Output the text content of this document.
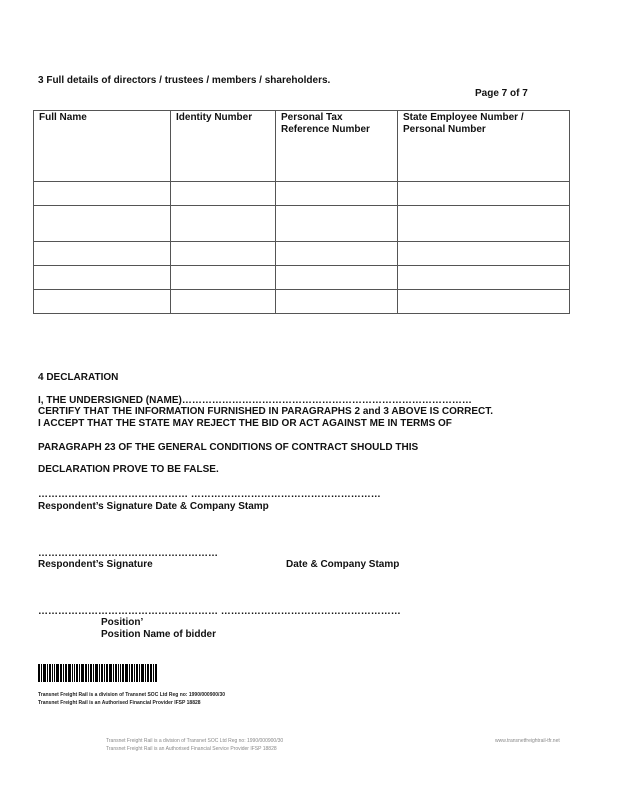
3 Full details of directors / trustees / members / shareholders.
Page 7 of 7
Full Name	Identity Number	Personal Tax Reference Number	State Employee Number / Personal Number

4 DECLARATION
I, THE UNDERSIGNED (NAME)……………………………………………………………………………
CERTIFY THAT THE INFORMATION FURNISHED IN PARAGRAPHS 2 and 3 ABOVE IS CORRECT.
I ACCEPT THAT THE STATE MAY REJECT THE BID OR ACT AGAINST ME IN TERMS OF
PARAGRAPH 23 OF THE GENERAL CONDITIONS OF CONTRACT SHOULD THIS
DECLARATION PROVE TO BE FALSE.
……………………………………… …………………………………………………
Respondent’s Signature Date & Company Stamp
………………………………………………
Respondent’s Signature	Date & Company Stamp
……………………………………………… ………………………………………………
Position’
Position Name of bidder
Transnet Freight Rail is a division of Transnet SOC Ltd Reg no: 1990/000900/30
Transnet Freight Rail is an Authorised Financial Provider IFSP 18828
Transnet Freight Rail is a division of Transnet SOC Ltd Reg no: 1990/000900/30
Transnet Freight Rail is an Authorised Financial Service Provider IFSP 18828
www.transnetfreightrail-tfr.net
